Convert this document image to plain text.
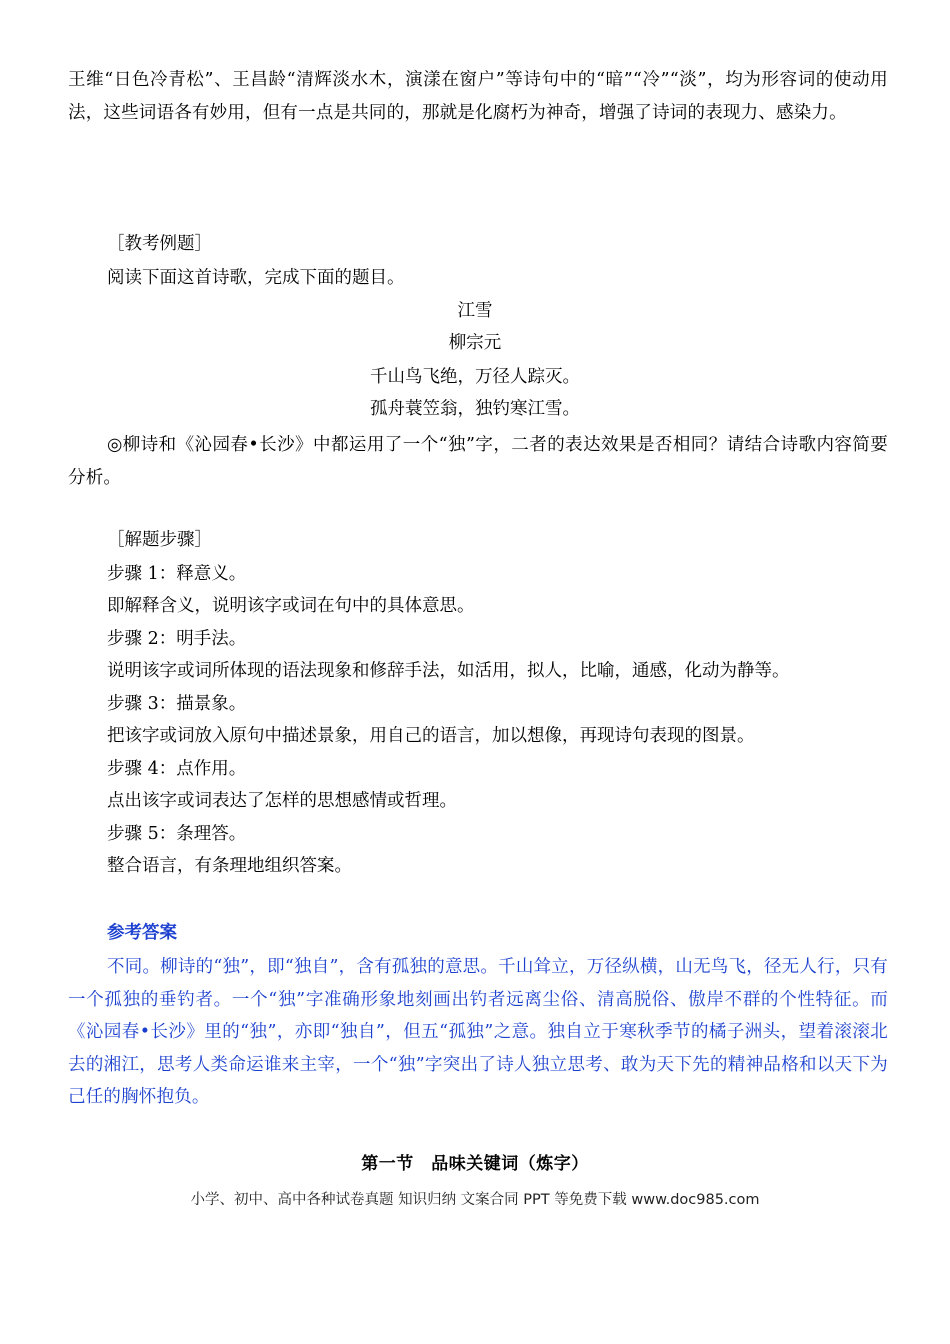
王维“日色冷青松”、王昌龄“清辉淡水木，演漾在窗户”等诗句中的“暗”“冷”“淡”，均为形容词的使动用法，这些词语各有妙用，但有一点是共同的，那就是化腐朽为神奇，增强了诗词的表现力、感染力。

［教考例题］
阅读下面这首诗歌，完成下面的题目。
江雪
柳宗元
千山鸟飞绝，万径人踪灭。
孤舟蓑笠翁，独钓寒江雪。

◎柳诗和《沁园春•长沙》中都运用了一个“独”字，二者的表达效果是否相同？请结合诗歌内容简要分析。

［解题步骤］
步骤 1：释意义。
即解释含义，说明该字或词在句中的具体意思。
步骤 2：明手法。
说明该字或词所体现的语法现象和修辞手法，如活用，拟人，比喻，通感，化动为静等。
步骤 3：描景象。
把该字或词放入原句中描述景象，用自己的语言，加以想像，再现诗句表现的图景。
步骤 4：点作用。
点出该字或词表达了怎样的思想感情或哲理。
步骤 5：条理答。
整合语言，有条理地组织答案。
参考答案

不同。柳诗的“独”，即“独自”，含有孤独的意思。千山耸立，万径纵横，山无鸟飞，径无人行，只有一个孤独的垂钓者。一个“独”字准确形象地刻画出钓者远离尘俗、清高脱俗、傲岸不群的个性特征。而《沁园春•长沙》里的“独”，亦即“独自”，但五“孤独”之意。独自立于寒秋季节的橘子洲头，望着滚滚北去的湘江，思考人类命运谁来主宰，一个“独”字突出了诗人独立思考、敢为天下先的精神品格和以天下为己任的胸怀抱负。

第一节　品味关键词（炼字）
小学、初中、高中各种试卷真题 知识归纳 文案合同 PPT 等免费下载 www.doc985.com
